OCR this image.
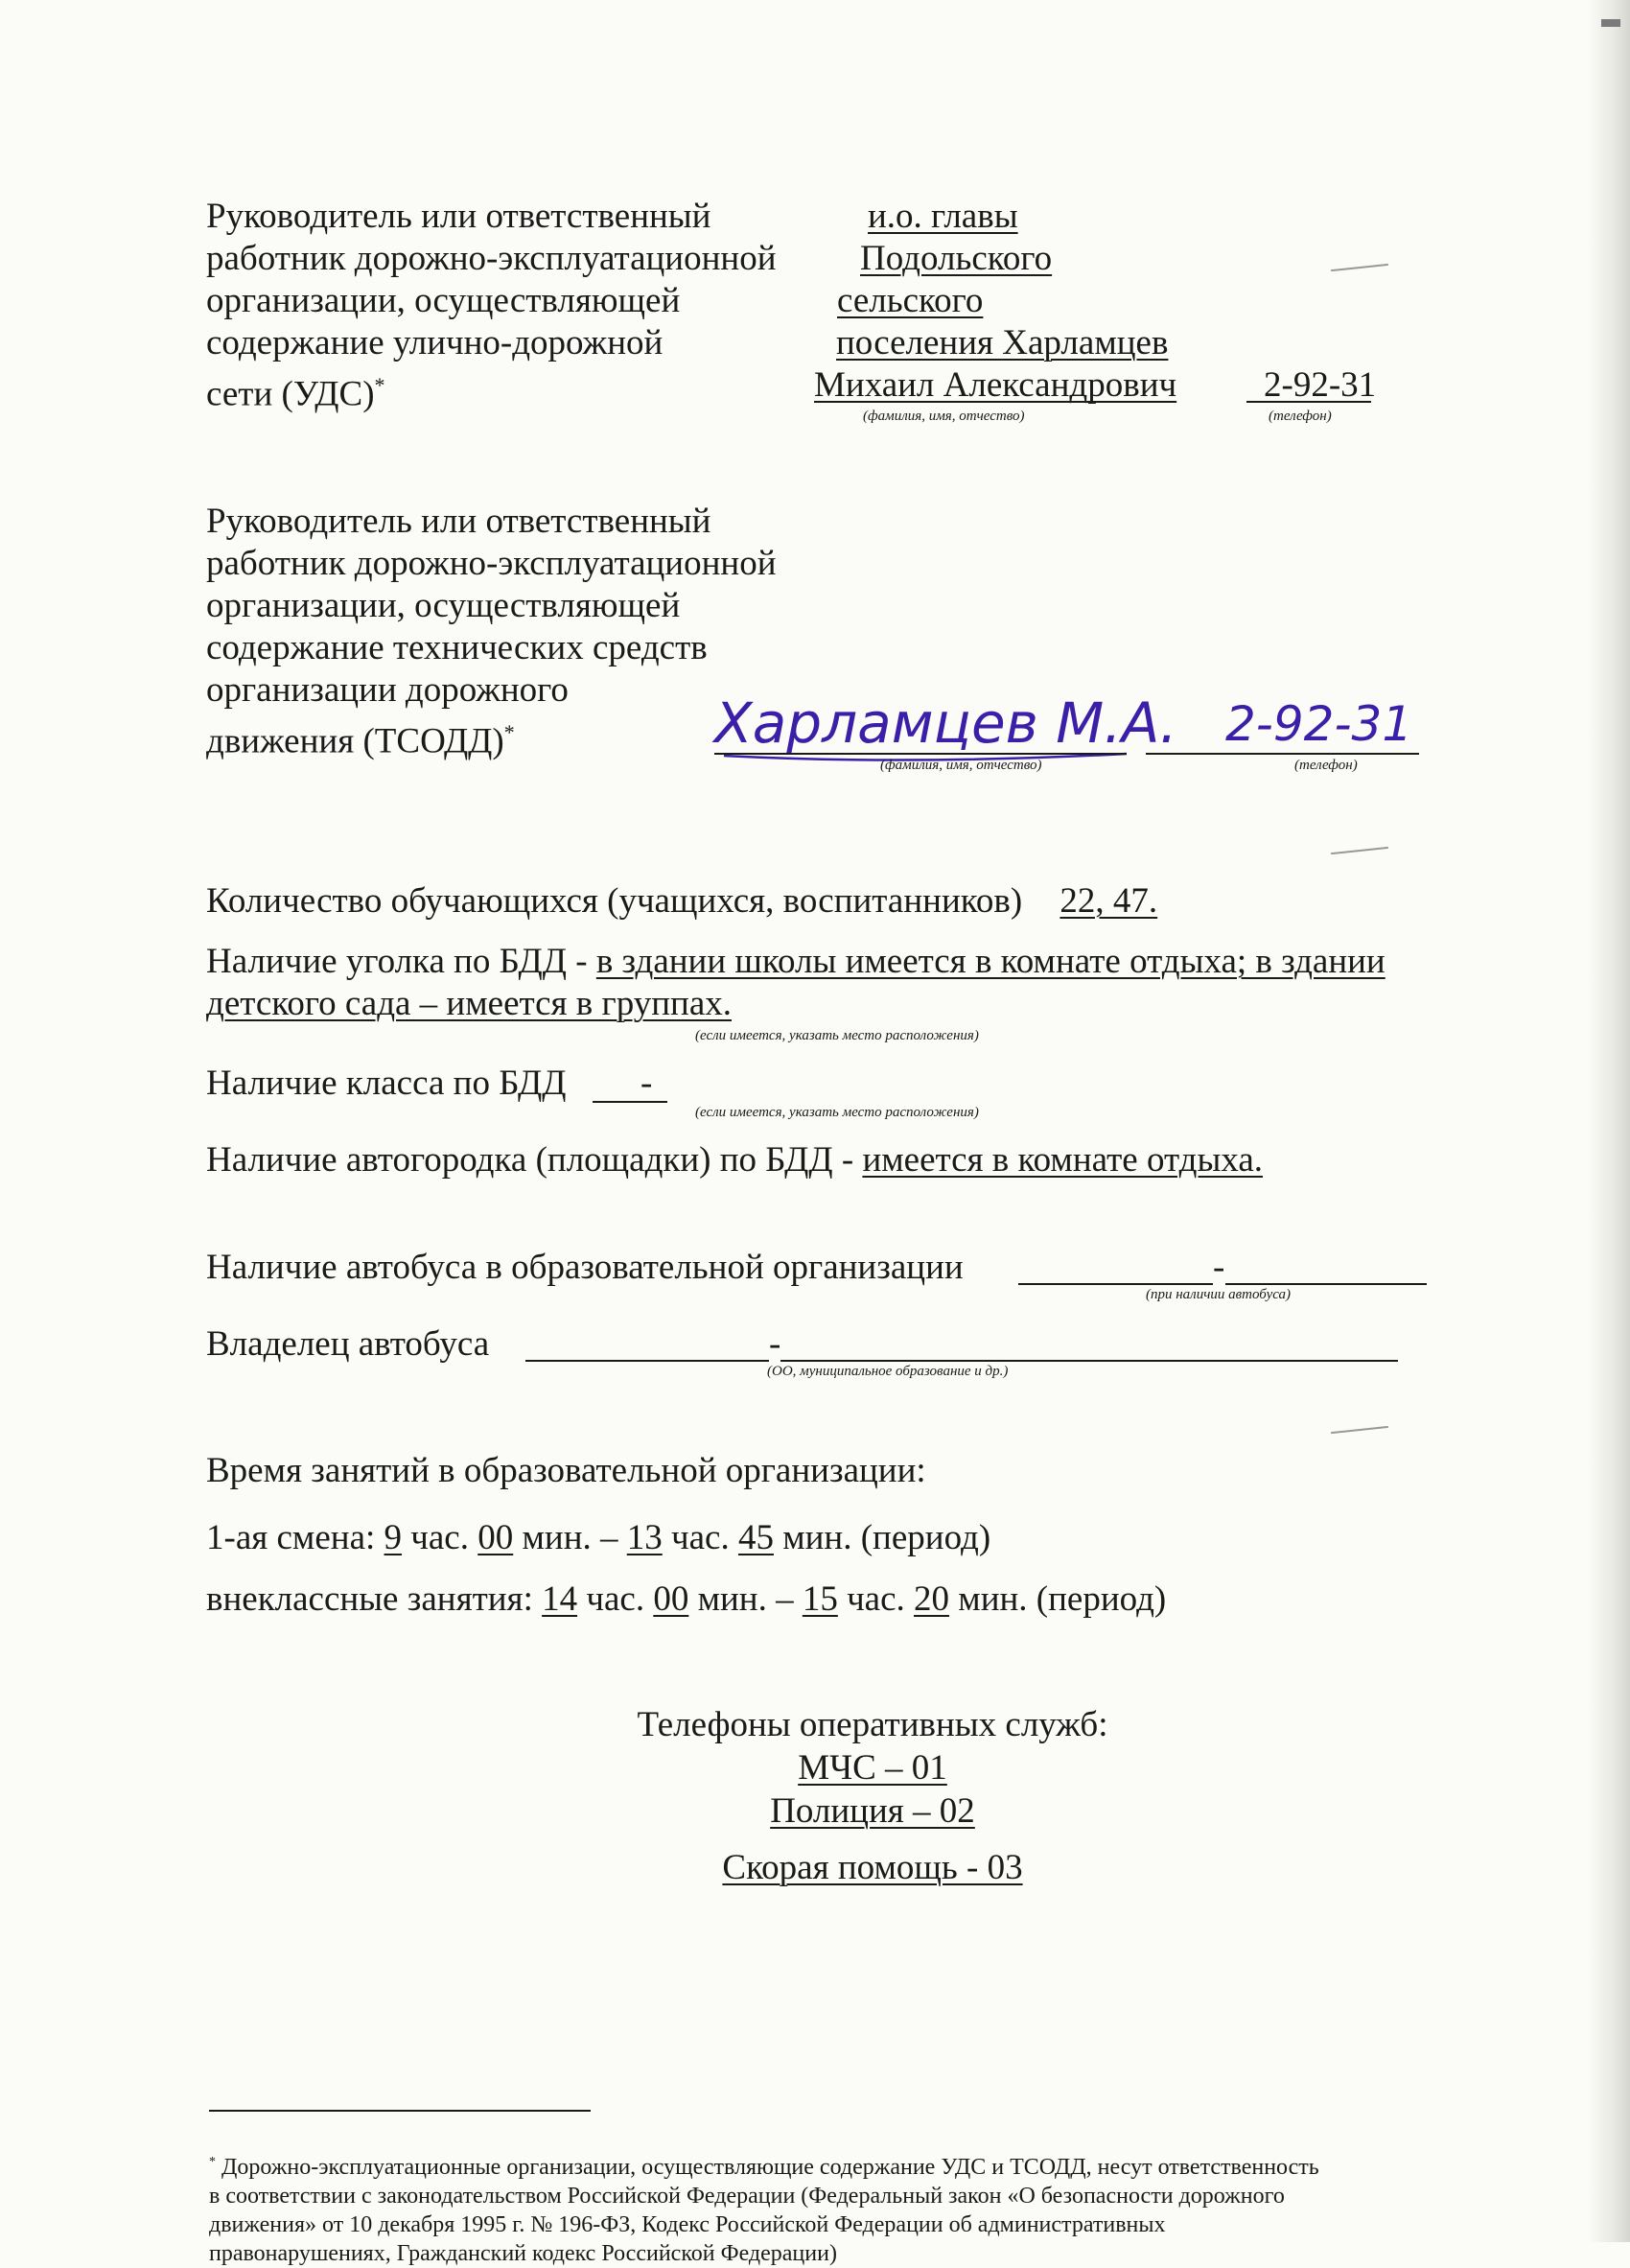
Руководитель или ответственный

работник дорожно-эксплуатационной

организации, осуществляющей

содержание улично-дорожной

сети (УДС)*

и.о. главы
Подольского
сельского
поселения Харламцев
Михаил Александрович 2-92-31
(фамилия, имя, отчество)	(телефон)

Руководитель или ответственный

работник дорожно-эксплуатационной

организации, осуществляющей

содержание технических средств

организации дорожного

движения (ТСОДД)*	Харламцев М.А. 2-92-31
(фамилия, имя, отчество)	(телефон)
Количество обучающихся (учащихся, воспитанников) 22, 47.
Наличие уголка по БДД - в здании школы имеется в комнате отдыха; в здании
детского сада – имеется в группах.
(если имеется, указать место расположения)
Наличие класса по БДД -
(если имеется, указать место расположения)
Наличие автогородка (площадки) по БДД - имеется в комнате отдыха.
Наличие автобуса в образовательной организации	-
(при наличии автобуса)
Владелец автобуса	-
(ОО, муниципальное образование и др.)
Время занятий в образовательной организации:
1-ая смена: 9 час. 00 мин. – 13 час. 45 мин. (период)
внеклассные занятия: 14 час. 00 мин. – 15 час. 20 мин. (период)
Телефоны оперативных служб:
МЧС – 01
Полиция – 02
Скорая помощь - 03

* Дорожно-эксплуатационные организации, осуществляющие содержание УДС и ТСОДД, несут ответственность

в соответствии с законодательством Российской Федерации (Федеральный закон «О безопасности дорожного

движения» от 10 декабря 1995 г. № 196-ФЗ, Кодекс Российской Федерации об административных

правонарушениях, Гражданский кодекс Российской Федерации)
